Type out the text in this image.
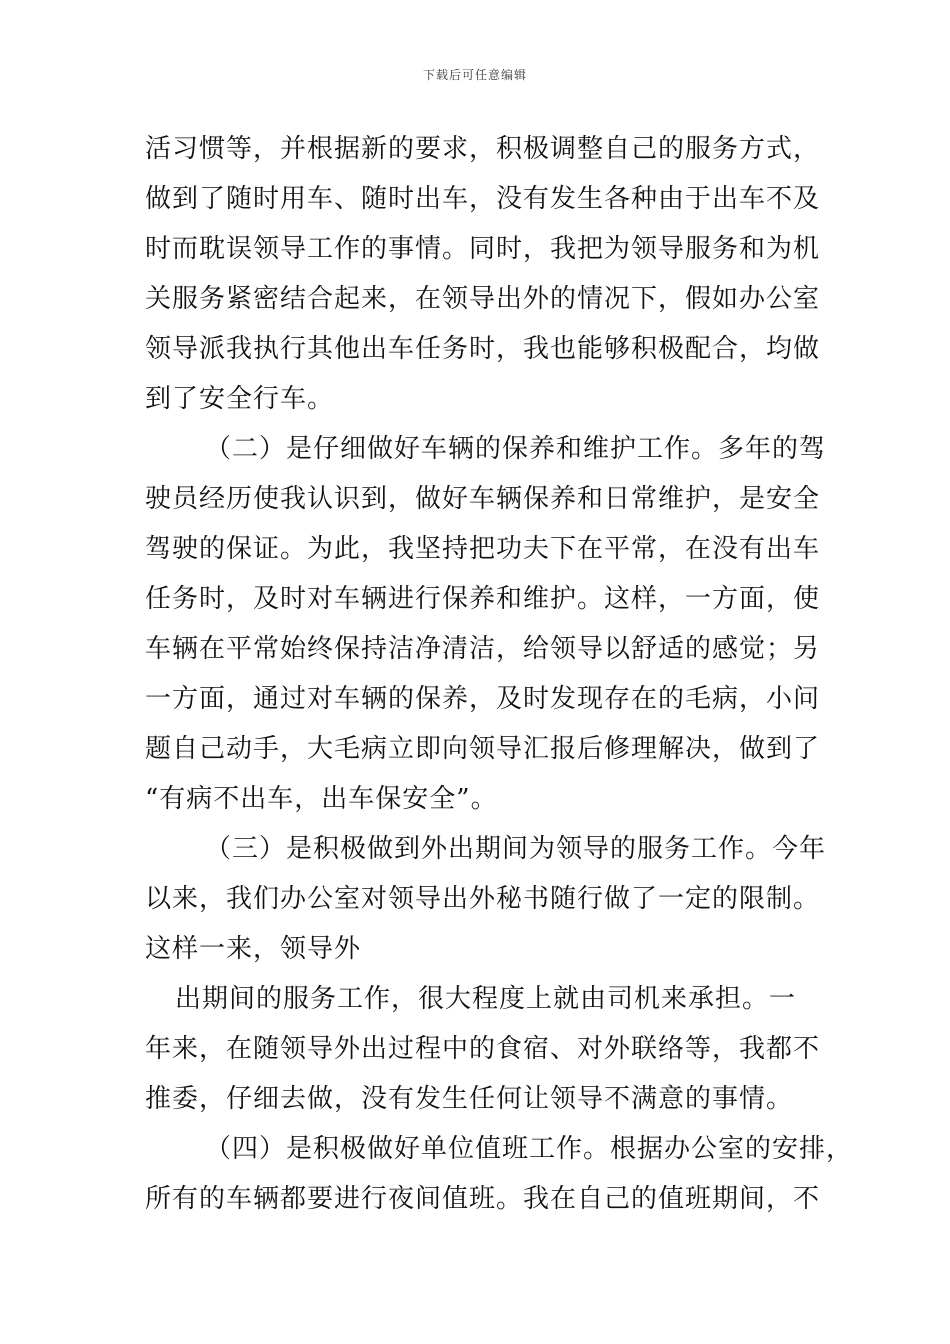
下载后可任意编辑
活习惯等，并根据新的要求，积极调整自己的服务方式，
做到了随时用车、随时出车，没有发生各种由于出车不及
时而耽误领导工作的事情。同时，我把为领导服务和为机
关服务紧密结合起来，在领导出外的情况下，假如办公室
领导派我执行其他出车任务时，我也能够积极配合，均做
到了安全行车。
（二）是仔细做好车辆的保养和维护工作。多年的驾
驶员经历使我认识到，做好车辆保养和日常维护，是安全
驾驶的保证。为此，我坚持把功夫下在平常，在没有出车
任务时，及时对车辆进行保养和维护。这样，一方面，使
车辆在平常始终保持洁净清洁，给领导以舒适的感觉；另
一方面，通过对车辆的保养，及时发现存在的毛病，小问
题自己动手，大毛病立即向领导汇报后修理解决，做到了
“有病不出车，出车保安全”。
（三）是积极做到外出期间为领导的服务工作。今年
以来，我们办公室对领导出外秘书随行做了一定的限制。
这样一来，领导外
出期间的服务工作，很大程度上就由司机来承担。一
年来，在随领导外出过程中的食宿、对外联络等，我都不
推委，仔细去做，没有发生任何让领导不满意的事情。
（四）是积极做好单位值班工作。根据办公室的安排，
所有的车辆都要进行夜间值班。我在自己的值班期间，不
